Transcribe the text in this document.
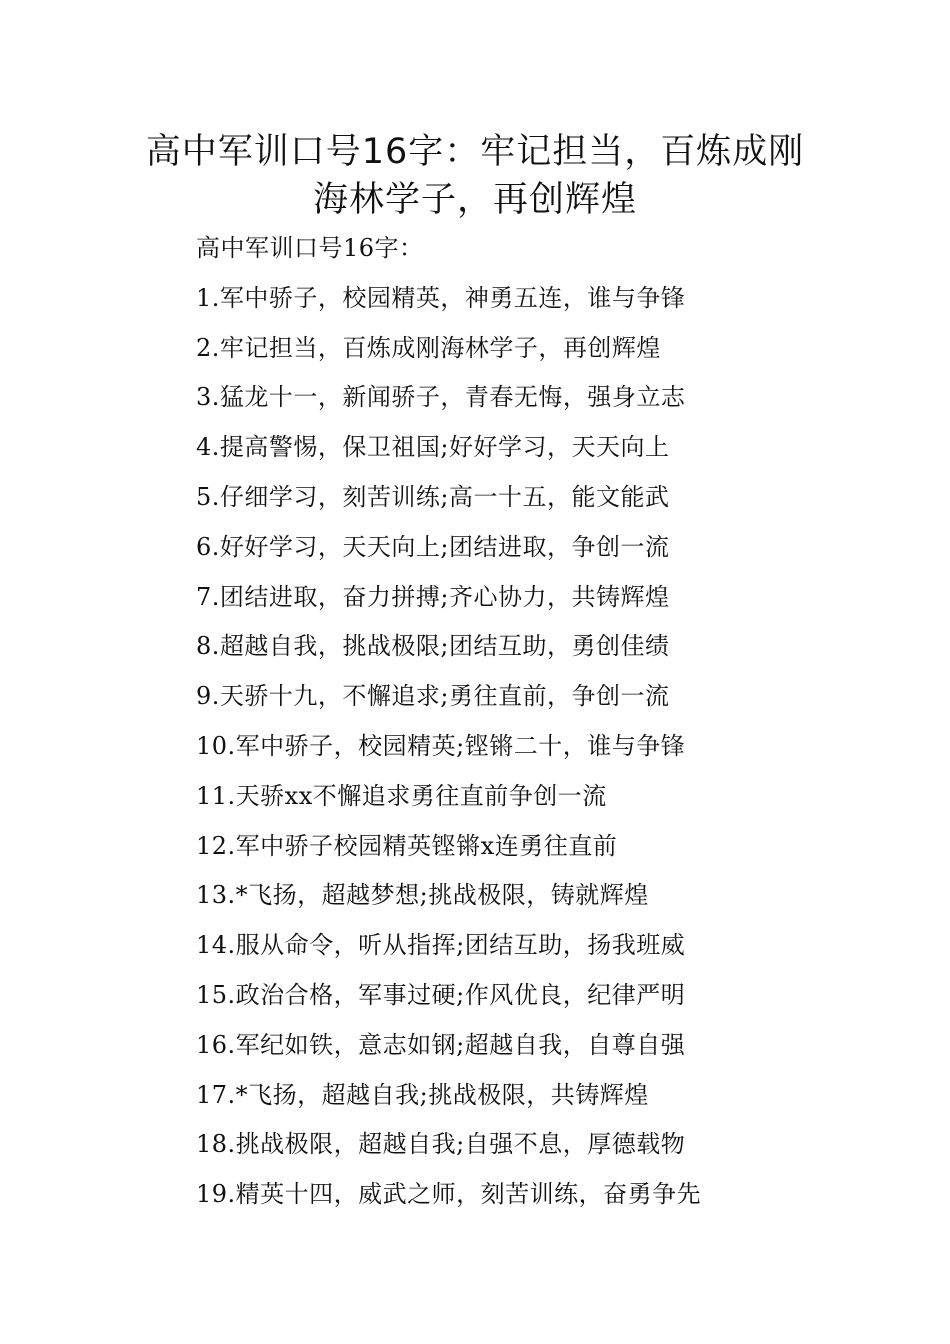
高中军训口号16字：牢记担当，百炼成刚
海林学子，再创辉煌
高中军训口号16字：
1.军中骄子，校园精英，神勇五连，谁与争锋
2.牢记担当，百炼成刚海林学子，再创辉煌
3.猛龙十一，新闻骄子，青春无悔，强身立志
4.提高警惕，保卫祖国;好好学习，天天向上
5.仔细学习，刻苦训练;高一十五，能文能武
6.好好学习，天天向上;团结进取，争创一流
7.团结进取，奋力拼搏;齐心协力，共铸辉煌
8.超越自我，挑战极限;团结互助，勇创佳绩
9.天骄十九，不懈追求;勇往直前，争创一流
10.军中骄子，校园精英;铿锵二十，谁与争锋
11.天骄xx不懈追求勇往直前争创一流
12.军中骄子校园精英铿锵x连勇往直前
13.*飞扬，超越梦想;挑战极限，铸就辉煌
14.服从命令，听从指挥;团结互助，扬我班威
15.政治合格，军事过硬;作风优良，纪律严明
16.军纪如铁，意志如钢;超越自我，自尊自强
17.*飞扬，超越自我;挑战极限，共铸辉煌
18.挑战极限，超越自我;自强不息，厚德载物
19.精英十四，威武之师，刻苦训练，奋勇争先
